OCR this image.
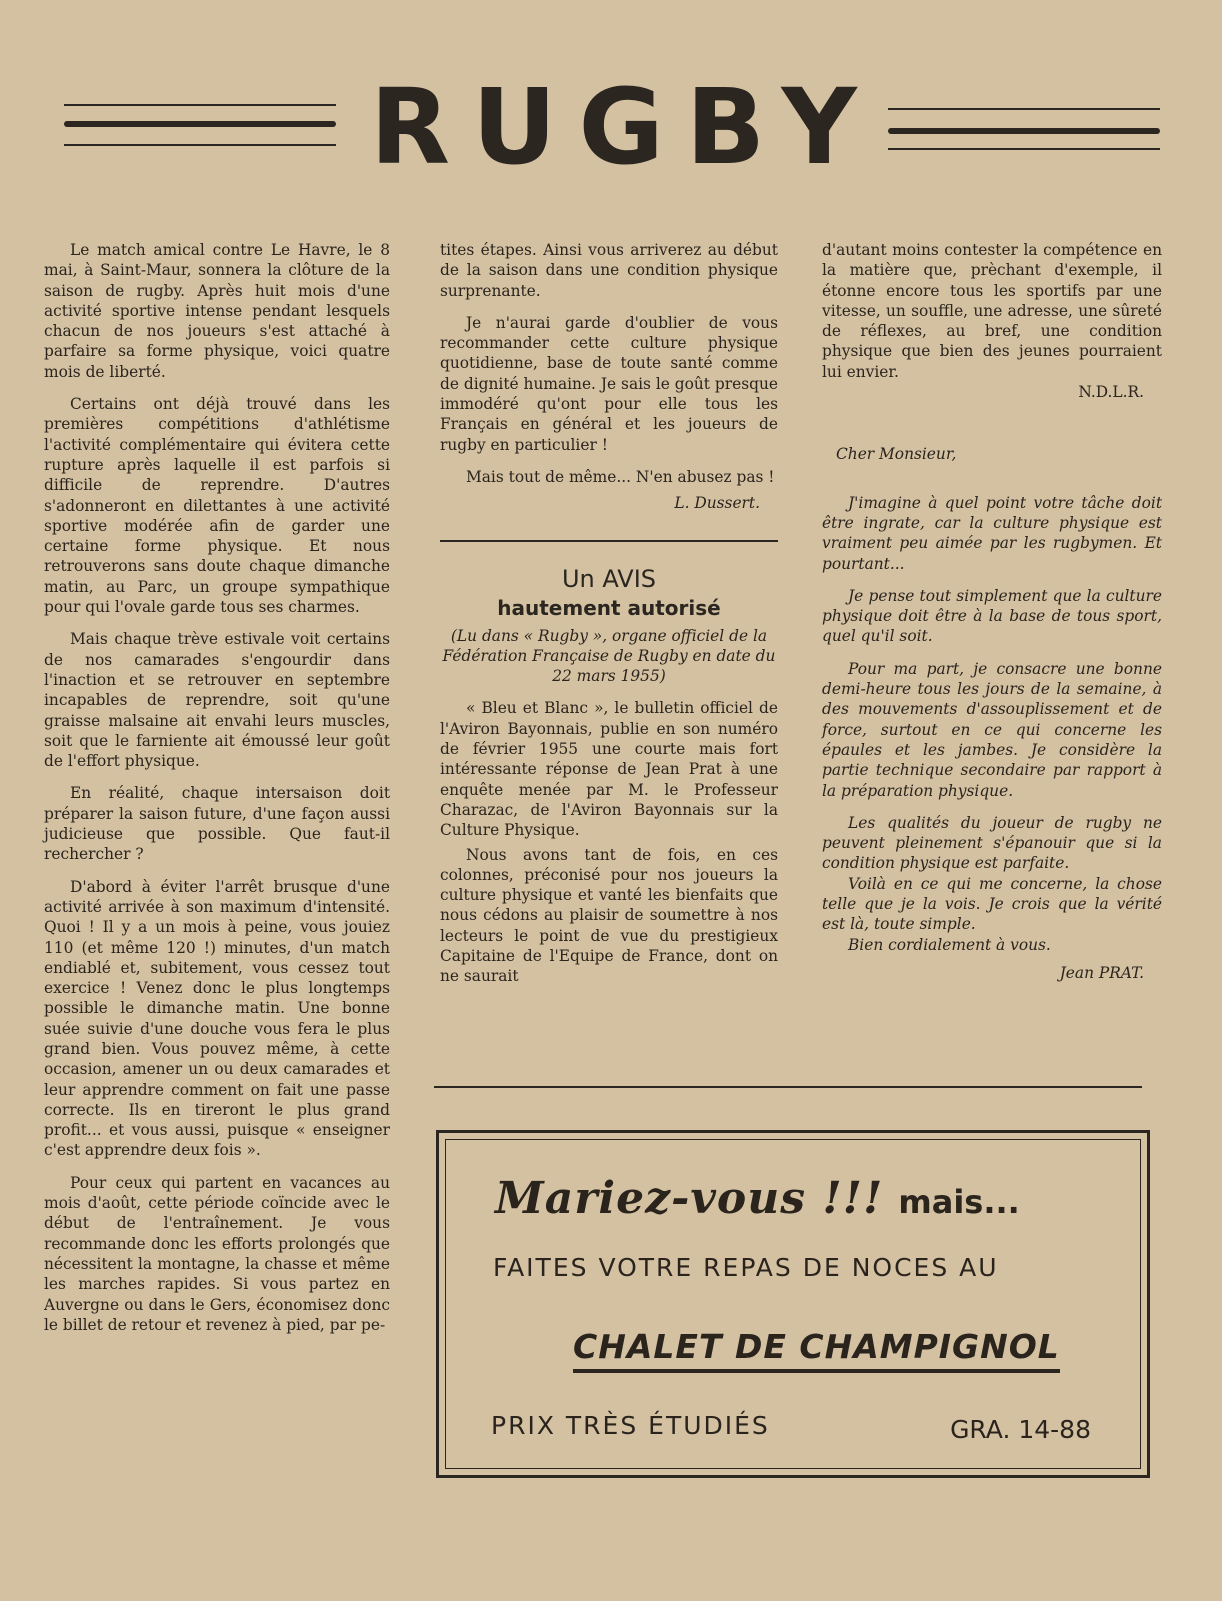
RUGBY

Le match amical contre Le Havre, le 8 mai, à Saint-Maur, sonnera la clôture de la saison de rugby. Après huit mois d'une activité sportive intense pendant lesquels chacun de nos joueurs s'est attaché à parfaire sa forme physique, voici quatre mois de liberté.

Certains ont déjà trouvé dans les premières compétitions d'athlétisme l'activité complémentaire qui évitera cette rupture après laquelle il est parfois si difficile de reprendre. D'autres s'adonneront en dilettantes à une activité sportive modérée afin de garder une certaine forme physique. Et nous retrouverons sans doute chaque dimanche matin, au Parc, un groupe sympathique pour qui l'ovale garde tous ses charmes.

Mais chaque trève estivale voit certains de nos camarades s'engourdir dans l'inaction et se retrouver en septembre incapables de reprendre, soit qu'une graisse malsaine ait envahi leurs muscles, soit que le farniente ait émoussé leur goût de l'effort physique.

En réalité, chaque intersaison doit préparer la saison future, d'une façon aussi judicieuse que possible. Que faut-il rechercher ?

D'abord à éviter l'arrêt brusque d'une activité arrivée à son maximum d'intensité. Quoi ! Il y a un mois à peine, vous jouiez 110 (et même 120 !) minutes, d'un match endiablé et, subitement, vous cessez tout exercice ! Venez donc le plus longtemps possible le dimanche matin. Une bonne suée suivie d'une douche vous fera le plus grand bien. Vous pouvez même, à cette occasion, amener un ou deux camarades et leur apprendre comment on fait une passe correcte. Ils en tireront le plus grand profit... et vous aussi, puisque « enseigner c'est apprendre deux fois ».

Pour ceux qui partent en vacances au mois d'août, cette période coïncide avec le début de l'entraînement. Je vous recommande donc les efforts prolongés que nécessitent la montagne, la chasse et même les marches rapides. Si vous partez en Auvergne ou dans le Gers, économisez donc le billet de retour et revenez à pied, par pe-

tites étapes. Ainsi vous arriverez au début de la saison dans une condition physique surprenante.

Je n'aurai garde d'oublier de vous recommander cette culture physique quotidienne, base de toute santé comme de dignité humaine. Je sais le goût presque immodéré qu'ont pour elle tous les Français en général et les joueurs de rugby en particulier !

Mais tout de même... N'en abusez pas !

L. Dussert.
Un AVIS
hautement autorisé
(Lu dans « Rugby », organe officiel de la Fédération Française de Rugby en date du 22 mars 1955)

« Bleu et Blanc », le bulletin officiel de l'Aviron Bayonnais, publie en son numéro de février 1955 une courte mais fort intéressante réponse de Jean Prat à une enquête menée par M. le Professeur Charazac, de l'Aviron Bayonnais sur la Culture Physique.

Nous avons tant de fois, en ces colonnes, préconisé pour nos joueurs la culture physique et vanté les bienfaits que nous cédons au plaisir de soumettre à nos lecteurs le point de vue du prestigieux Capitaine de l'Equipe de France, dont on ne saurait

d'autant moins contester la compétence en la matière que, prèchant d'exemple, il étonne encore tous les sportifs par une vitesse, un souffle, une adresse, une sûreté de réflexes, au bref, une condition physique que bien des jeunes pourraient lui envier.

N.D.L.R.

Cher Monsieur,

J'imagine à quel point votre tâche doit être ingrate, car la culture physique est vraiment peu aimée par les rugbymen. Et pourtant...

Je pense tout simplement que la culture physique doit être à la base de tous sport, quel qu'il soit.

Pour ma part, je consacre une bonne demi-heure tous les jours de la semaine, à des mouvements d'assouplissement et de force, surtout en ce qui concerne les épaules et les jambes. Je considère la partie technique secondaire par rapport à la préparation physique.

Les qualités du joueur de rugby ne peuvent pleinement s'épanouir que si la condition physique est parfaite.

Voilà en ce qui me concerne, la chose telle que je la vois. Je crois que la vérité est là, toute simple.

Bien cordialement à vous.

Jean PRAT.
Mariez-vous !!! mais...
FAITES VOTRE REPAS DE NOCES AU
CHALET DE CHAMPIGNOL
PRIX TRÈS ÉTUDIÉS	GRA. 14-88
